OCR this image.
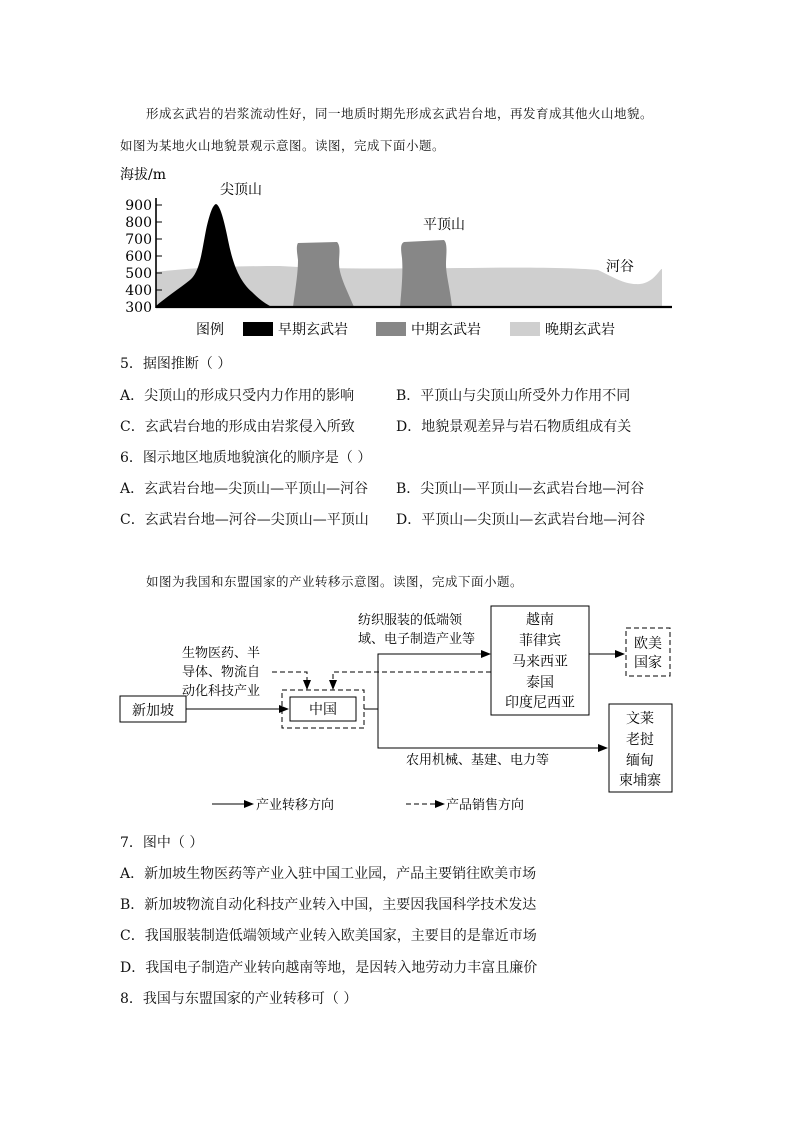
形成玄武岩的岩浆流动性好，同一地质时期先形成玄武岩台地，再发育成其他火山地貌。
如图为某地火山地貌景观示意图。读图，完成下面小题。
海拔/m
900
800
700
600
500
400
300
尖顶山
平顶山
河谷
图例	早期玄武岩	中期玄武岩	晚期玄武岩
5．据图推断（ ）
A．尖顶山的形成只受内力作用的影响	B．平顶山与尖顶山所受外力作用不同
C．玄武岩台地的形成由岩浆侵入所致	D．地貌景观差异与岩石物质组成有关
6．图示地区地质地貌演化的顺序是（ ）
A．玄武岩台地—尖顶山—平顶山—河谷 B．尖顶山—平顶山—玄武岩台地—河谷
C．玄武岩台地—河谷—尖顶山—平顶山 D．平顶山—尖顶山—玄武岩台地—河谷
如图为我国和东盟国家的产业转移示意图。读图，完成下面小题。
新加坡	中国
越南
菲律宾
马来西亚
泰国
印度尼西亚
欧美
国家
文莱
老挝
缅甸
柬埔寨
生物医药、半
导体、物流自
动化科技产业
纺织服装的低端领
域、电子制造产业等
农用机械、基建、电力等
产业转移方向	产品销售方向
7．图中（ ）
A．新加坡生物医药等产业入驻中国工业园，产品主要销往欧美市场
B．新加坡物流自动化科技产业转入中国，主要因我国科学技术发达
C．我国服装制造低端领域产业转入欧美国家，主要目的是靠近市场
D．我国电子制造产业转向越南等地，是因转入地劳动力丰富且廉价
8．我国与东盟国家的产业转移可（ ）
